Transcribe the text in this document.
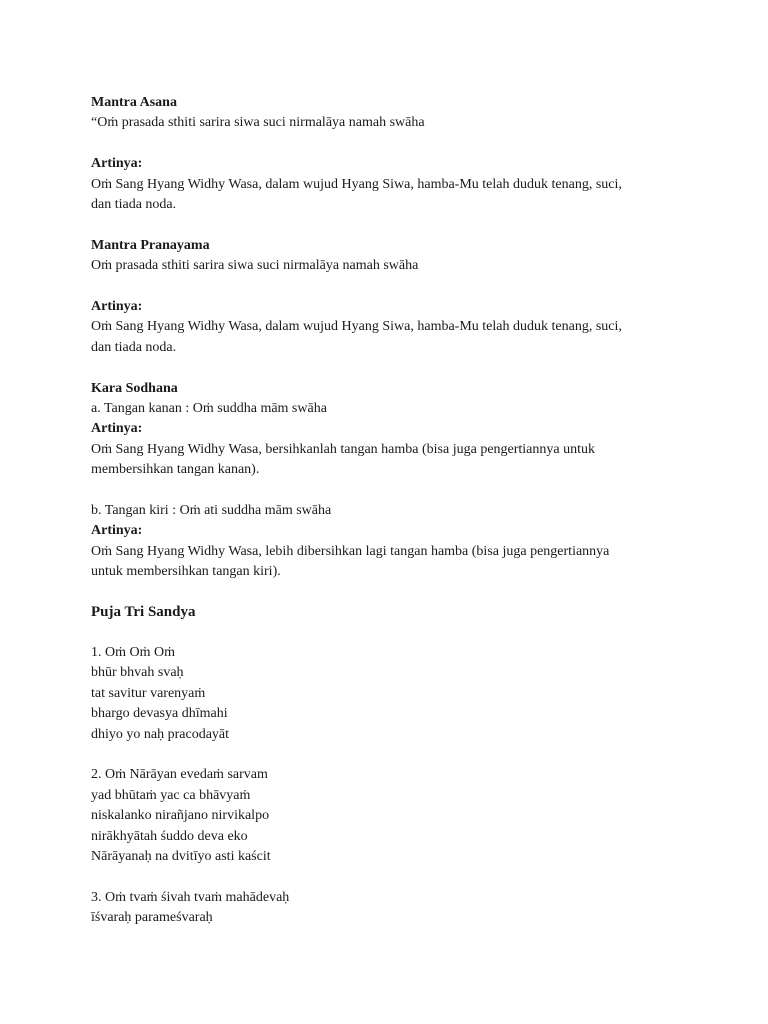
Mantra Asana
“Oṁ prasada sthiti sarira siwa suci nirmalāya namah swāha
Artinya:
Oṁ Sang Hyang Widhy Wasa, dalam wujud Hyang Siwa, hamba-Mu telah duduk tenang, suci,
dan tiada noda.
Mantra Pranayama
Oṁ prasada sthiti sarira siwa suci nirmalāya namah swāha
Artinya:
Oṁ Sang Hyang Widhy Wasa, dalam wujud Hyang Siwa, hamba-Mu telah duduk tenang, suci,
dan tiada noda.
Kara Sodhana
a. Tangan kanan : Oṁ suddha mām swāha
Artinya:
Oṁ Sang Hyang Widhy Wasa, bersihkanlah tangan hamba (bisa juga pengertiannya untuk
membersihkan tangan kanan).
b. Tangan kiri : Oṁ ati suddha mām swāha
Artinya:
Oṁ Sang Hyang Widhy Wasa, lebih dibersihkan lagi tangan hamba (bisa juga pengertiannya
untuk membersihkan tangan kiri).
Puja Tri Sandya
1. Oṁ Oṁ Oṁ
bhūr bhvah svaḥ
tat savitur varenyaṁ
bhargo devasya dhīmahi
dhiyo yo naḥ pracodayāt
2. Oṁ Nārāyan evedaṁ sarvam
yad bhūtaṁ yac ca bhāvyaṁ
niskalanko nirañjano nirvikalpo
nirākhyātah śuddo deva eko
Nārāyanaḥ na dvitīyo asti kaścit
3. Oṁ tvaṁ śivah tvaṁ mahādevaḥ
īśvaraḥ parameśvaraḥ
